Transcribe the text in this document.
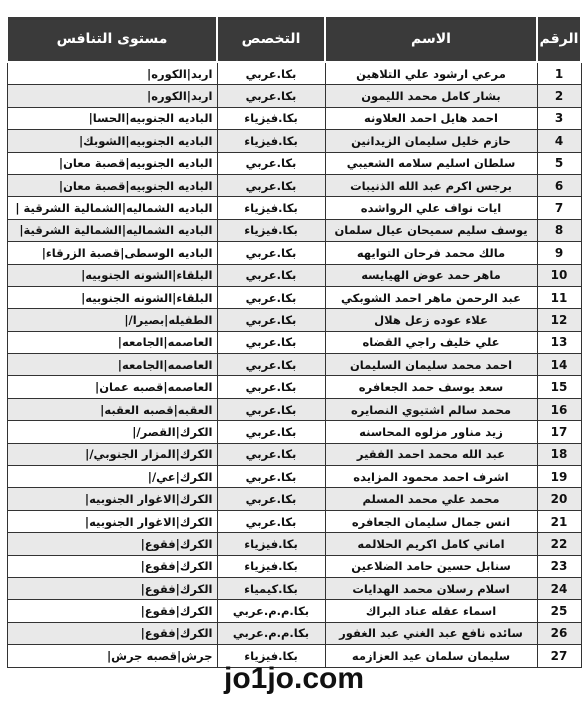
الرقم	الاسم	التخصص	مستوى التنافس
1	مرعي ارشود علي التلاهين	بكا.عربي	اربد|الكوره|
2	بشار كامل محمد الليمون	بكا.عربي	اربد|الكوره|
3	احمد هايل احمد العلاونه	بكا.فيزياء	الباديه الجنوبيه|الحسا|
4	حازم خليل سليمان الزيدانين	بكا.فيزياء	الباديه الجنوبيه|الشوبك|
5	سلطان اسليم سلامه الشعيبي	بكا.عربي	الباديه الجنوبيه|قصبة معان|
6	برجس اكرم عبد الله الذنيبات	بكا.عربي	الباديه الجنوبيه|قصبة معان|
7	ايات نواف علي الرواشده	بكا.فيزياء	الباديه الشماليه|الشمالية الشرقية |
8	يوسف سليم سميحان عيال سلمان	بكا.فيزياء	الباديه الشماليه|الشمالية الشرقية|
9	مالك محمد فرحان التوايهه	بكا.عربي	الباديه الوسطى|قصبة الزرقاء|
10	ماهر حمد عوض الهيايسه	بكا.عربي	البلقاء|الشونه الجنوبيه|
11	عبد الرحمن ماهر احمد الشوبكي	بكا.عربي	البلقاء|الشونه الجنوبيه|
12	علاء عوده زعل هلال	بكا.عربي	الطفيله|بصيرا/|
13	علي خليف راجي القضاه	بكا.عربي	العاصمه|الجامعه|
14	احمد محمد سليمان السليمان	بكا.عربي	العاصمه|الجامعه|
15	سعد يوسف حمد الجعافره	بكا.عربي	العاصمه|قصبه عمان|
16	محمد سالم اشتيوي النصايره	بكا.عربي	العقبه|قصبه العقبه|
17	زيد مناور مزلوه المحاسنه	بكا.عربي	الكرك|القصر/|
18	عبد الله محمد احمد الفقير	بكا.عربي	الكرك|المزار الجنوبي/|
19	اشرف احمد محمود المزايده	بكا.عربي	الكرك|عي/|
20	محمد علي محمد المسلم	بكا.عربي	الكرك|الاغوار الجنوبيه|
21	انس جمال سليمان الجعافره	بكا.عربي	الكرك|الاغوار الجنوبيه|
22	اماني كامل اكريم الحلالمه	بكا.فيزياء	الكرك|فقوع|
23	سنابل حسين حامد الضلاعين	بكا.فيزياء	الكرك|فقوع|
24	اسلام رسلان محمد الهدايات	بكا.كيمياء	الكرك|فقوع|
25	اسماء عقله عناد البراك	بكا.م.م.عربي	الكرك|فقوع|
26	سائده نافع عبد الغني عبد الغفور	بكا.م.م.عربي	الكرك|فقوع|
27	سليمان سلمان عيد العزازمه	بكا.فيزياء	جرش|قصبه جرش|
jo1jo.com
